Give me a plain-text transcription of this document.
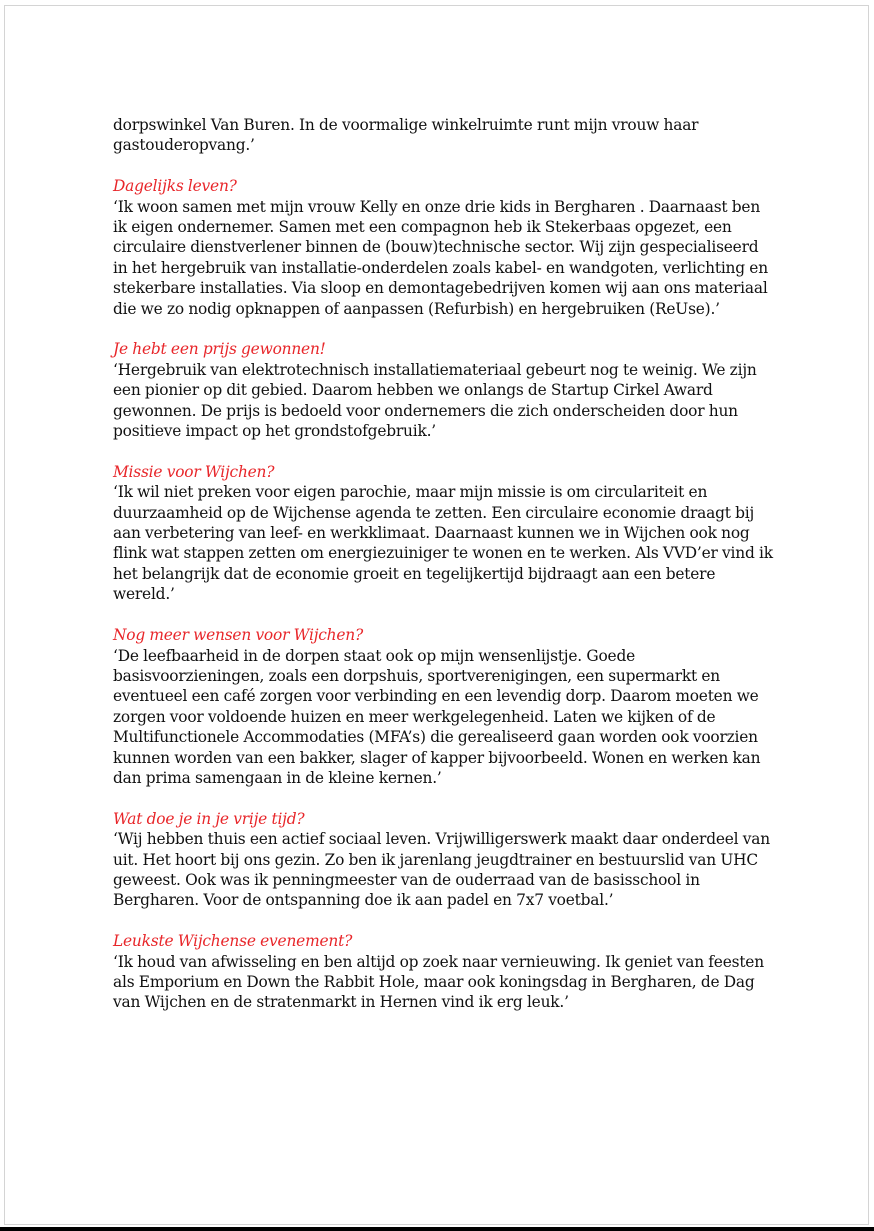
dorpswinkel Van Buren. In de voormalige winkelruimte runt mijn vrouw haar gastouderopvang.’

Dagelijks leven?

‘Ik woon samen met mijn vrouw Kelly en onze drie kids in Bergharen . Daarnaast ben ik eigen ondernemer. Samen met een compagnon heb ik Stekerbaas opgezet, een circulaire dienstverlener binnen de (bouw)technische sector. Wij zijn gespecialiseerd in het hergebruik van installatie-onderdelen zoals kabel- en wandgoten, verlichting en stekerbare installaties. Via sloop en demontagebedrijven komen wij aan ons materiaal die we zo nodig opknappen of aanpassen (Refurbish) en hergebruiken (ReUse).’

Je hebt een prijs gewonnen!

‘Hergebruik van elektrotechnisch installatiemateriaal gebeurt nog te weinig. We zijn een pionier op dit gebied. Daarom hebben we onlangs de Startup Cirkel Award gewonnen. De prijs is bedoeld voor ondernemers die zich onderscheiden door hun positieve impact op het grondstofgebruik.’

Missie voor Wijchen?

‘Ik wil niet preken voor eigen parochie, maar mijn missie is om circulariteit en duurzaamheid op de Wijchense agenda te zetten. Een circulaire economie draagt bij aan verbetering van leef- en werkklimaat. Daarnaast kunnen we in Wijchen ook nog flink wat stappen zetten om energiezuiniger te wonen en te werken. Als VVD’er vind ik het belangrijk dat de economie groeit en tegelijkertijd bijdraagt aan een betere wereld.’

Nog meer wensen voor Wijchen?

‘De leefbaarheid in de dorpen staat ook op mijn wensenlijstje. Goede basisvoorzieningen, zoals een dorpshuis, sportverenigingen, een supermarkt en eventueel een café zorgen voor verbinding en een levendig dorp. Daarom moeten we zorgen voor voldoende huizen en meer werkgelegenheid. Laten we kijken of de Multifunctionele Accommodaties (MFA’s) die gerealiseerd gaan worden ook voorzien kunnen worden van een bakker, slager of kapper bijvoorbeeld. Wonen en werken kan dan prima samengaan in de kleine kernen.’

Wat doe je in je vrije tijd?

‘Wij hebben thuis een actief sociaal leven. Vrijwilligerswerk maakt daar onderdeel van uit. Het hoort bij ons gezin. Zo ben ik jarenlang jeugdtrainer en bestuurslid van UHC geweest. Ook was ik penningmeester van de ouderraad van de basisschool in Bergharen. Voor de ontspanning doe ik aan padel en 7x7 voetbal.’

Leukste Wijchense evenement?

‘Ik houd van afwisseling en ben altijd op zoek naar vernieuwing. Ik geniet van feesten als Emporium en Down the Rabbit Hole, maar ook koningsdag in Bergharen, de Dag van Wijchen en de stratenmarkt in Hernen vind ik erg leuk.’
